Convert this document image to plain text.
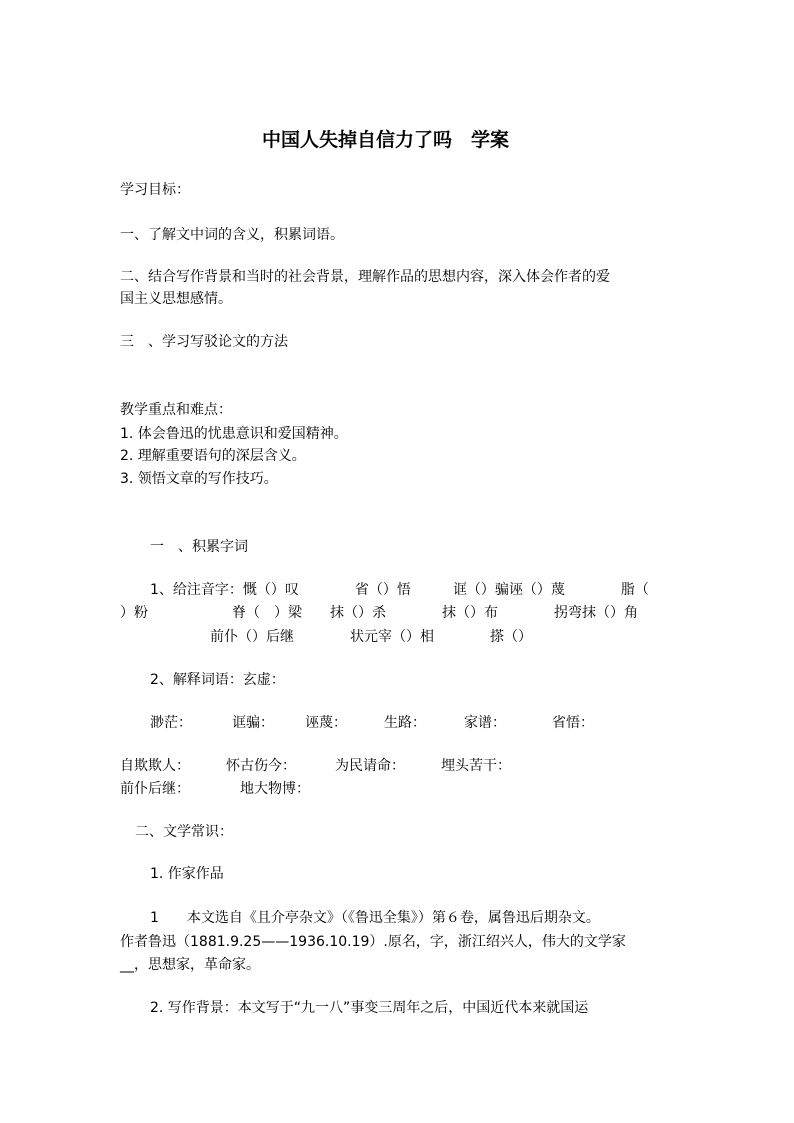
中国人失掉自信力了吗　学案
学习目标：
一、了解文中词的含义，积累词语。
二、结合写作背景和当时的社会背景，理解作品的思想内容，深入体会作者的爱
国主义思想感情。
三　、学习写驳论文的方法
教学重点和难点：
1. 体会鲁迅的忧患意识和爱国精神。
2. 理解重要语句的深层含义。
3. 领悟文章的写作技巧。
一　、积累字词
1、给注音字：慨（）叹　　　　省（）悟　　　诓（）骗诬（）蔑　　　　脂（
）粉　　　　　　脊（　）梁　　抹（）杀　　　　抹（）布　　　　拐弯抹（）角
前仆（）后继　　　　状元宰（）相　　　　搽（）
2、解释词语：玄虚：
渺茫：	诓骗： 诬蔑：	生路：	家谱：	省悟：
自欺欺人：	怀古伤今：	为民请命：	埋头苦干：
前仆后继：	地大物博：
二、文学常识：
1. 作家作品
1　　本文选自《且介亭杂文》（《鲁迅全集》）第６卷，属鲁迅后期杂文。
作者鲁迅（1881.9.25——1936.10.19）.原名，字，浙江绍兴人，伟大的文学家
__，思想家，革命家。
2. 写作背景：本文写于“九一八”事变三周年之后，中国近代本来就国运
